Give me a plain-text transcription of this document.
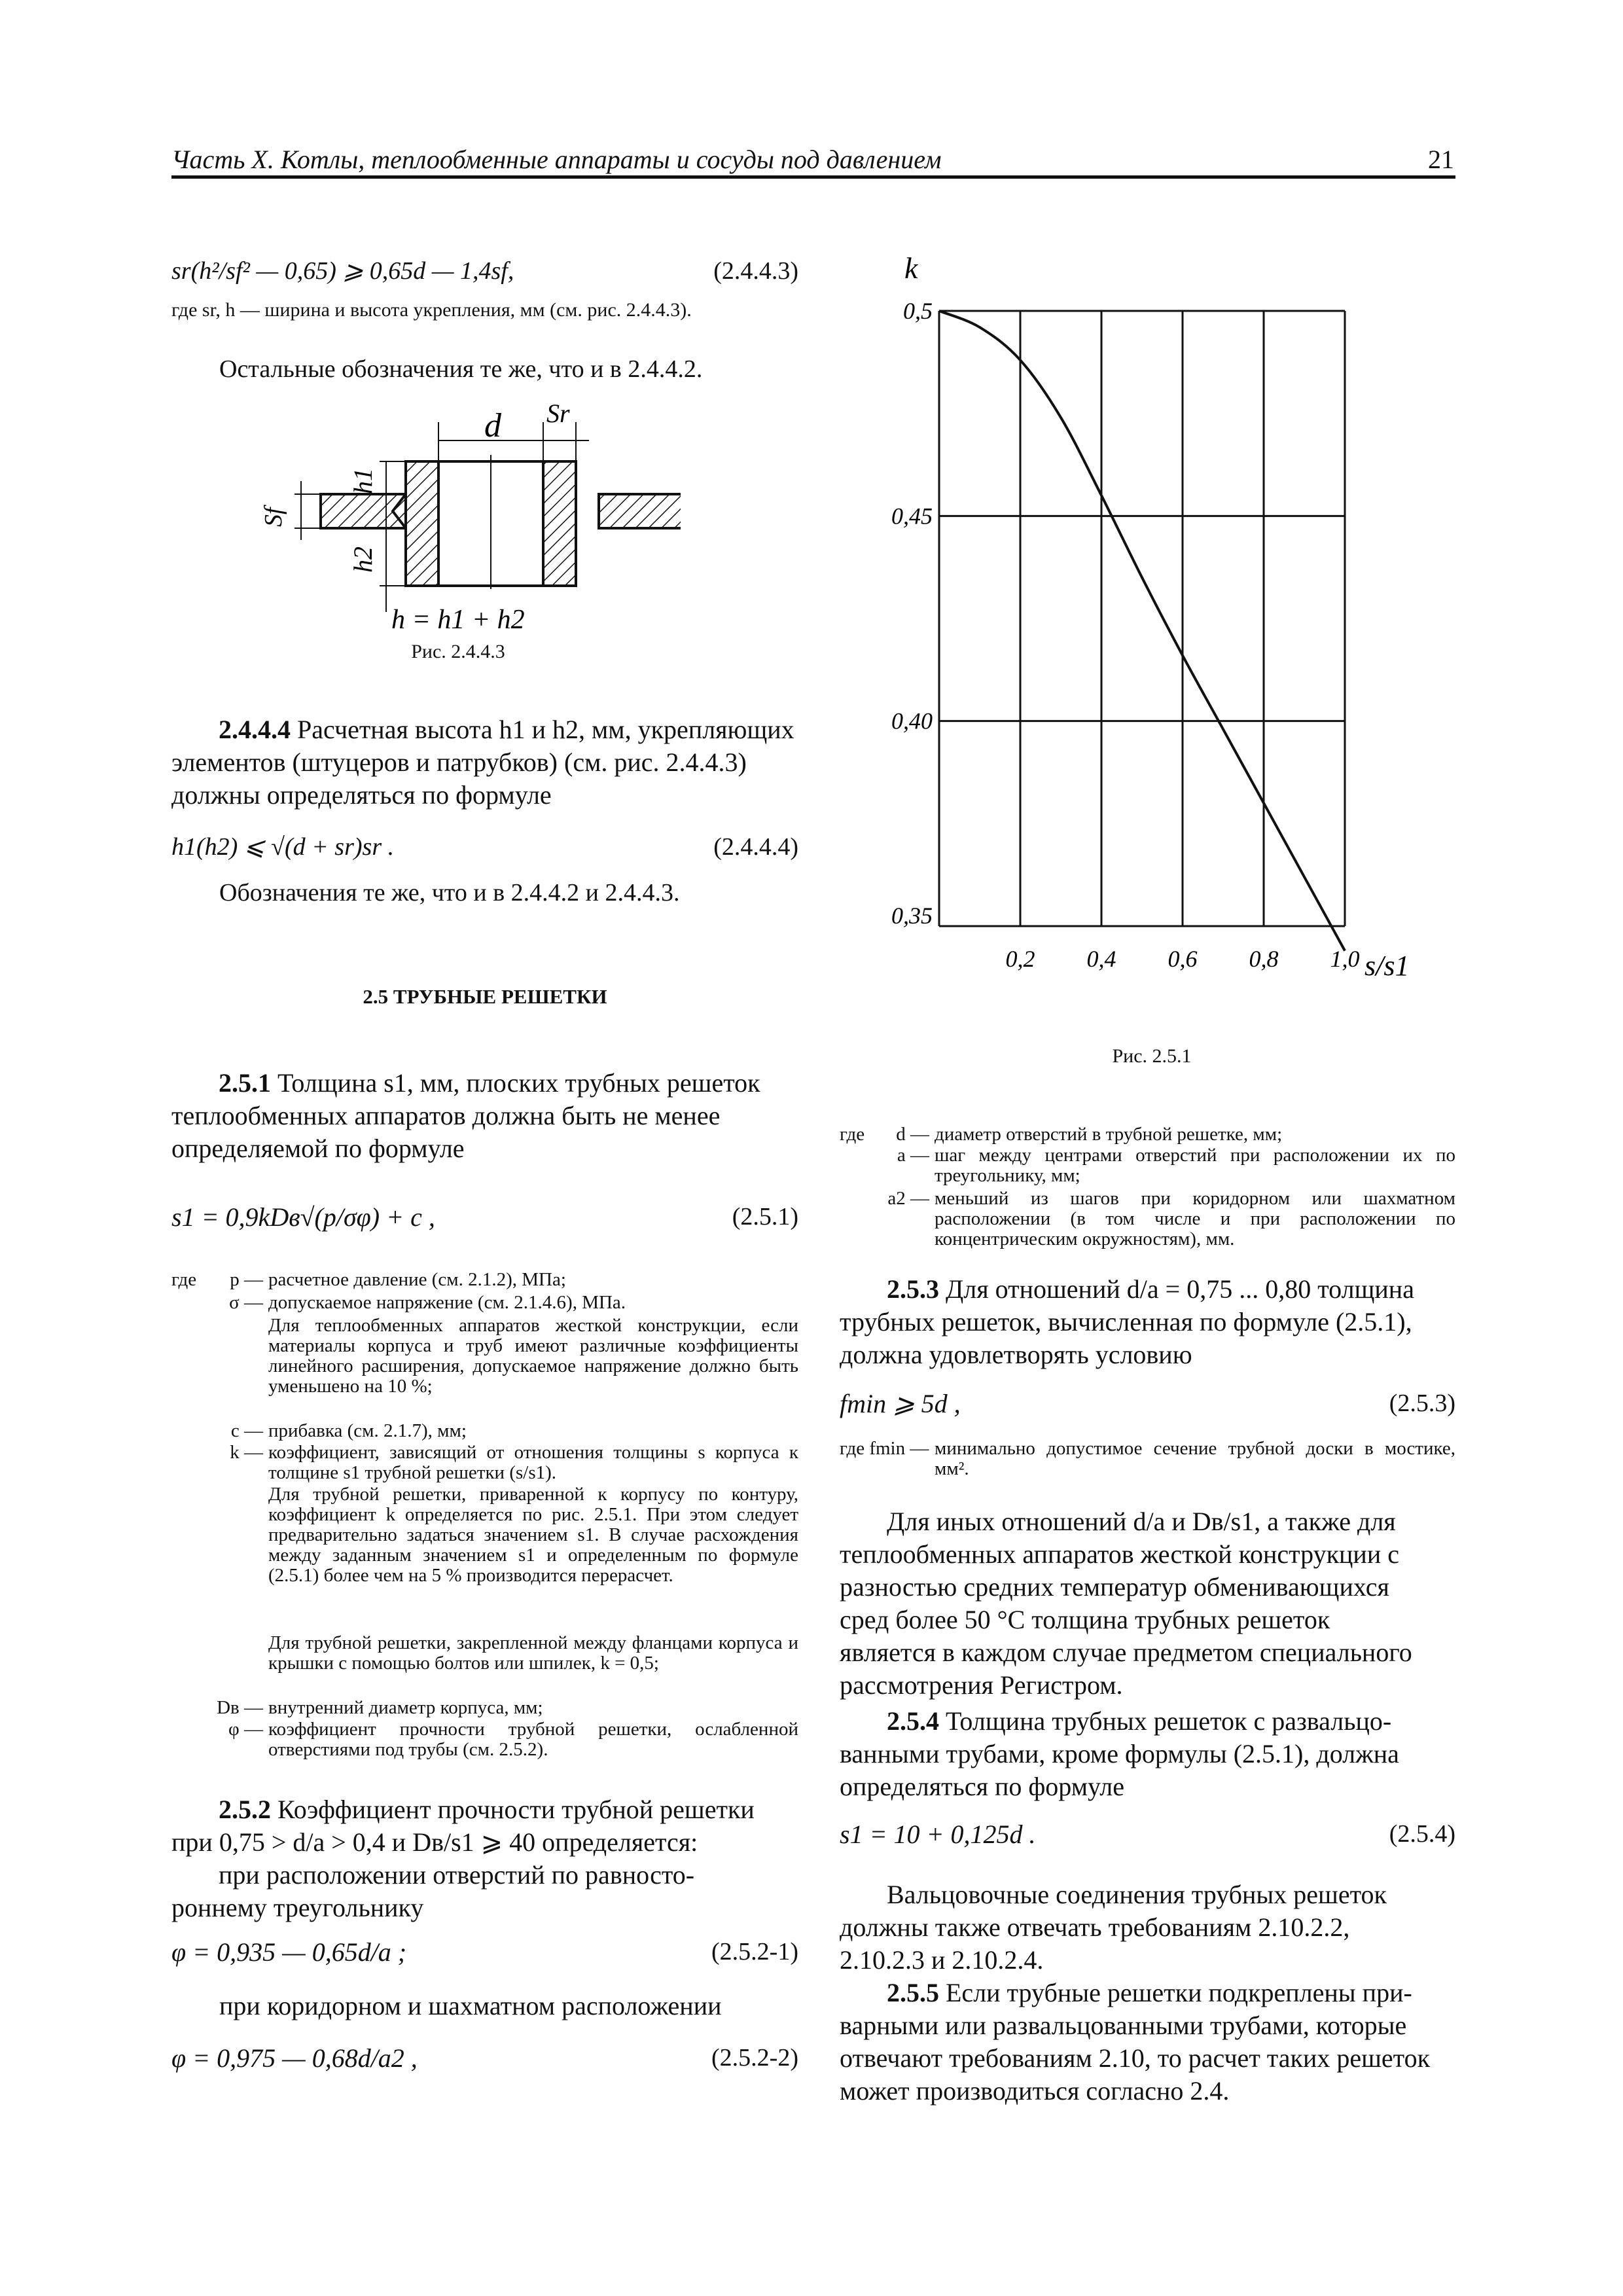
Часть X. Котлы, теплообменные аппараты и сосуды под давлением	21
sr(h²/sf² — 0,65) ⩾ 0,65d — 1,4sf,	(2.4.4.3)
где sr, h — ширина и высота укрепления, мм (см. рис. 2.4.4.3).
Остальные обозначения те же, что и в 2.4.4.2.
d Sr
h1
h2
Sf
h = h1 + h2
Рис. 2.4.4.3
2.4.4.4 Расчетная высота h1 и h2, мм, укрепляющих
элементов (штуцеров и патрубков) (см. рис. 2.4.4.3)
должны определяться по формуле
h1(h2) ⩽ √(d + sr)sr .	(2.4.4.4)
Обозначения те же, что и в 2.4.4.2 и 2.4.4.3.
2.5 ТРУБНЫЕ РЕШЕТКИ
2.5.1 Толщина s1, мм, плоских трубных решеток
теплообменных аппаратов должна быть не менее
определяемой по формуле
s1 = 0,9kDв√(p/σφ) + c ,	(2.5.1)
где	p — расчетное давление (см. 2.1.2), МПа;
σ — допускаемое напряжение (см. 2.1.4.6), МПа.
Для теплообменных аппаратов жесткой конструкции, если материалы корпуса и труб имеют различные коэффициенты линейного расширения, допускаемое напряжение должно быть уменьшено на 10 %;
c — прибавка (см. 2.1.7), мм;
k — коэффициент, зависящий от отношения толщины s корпуса к толщине s1 трубной решетки (s/s1).
Для трубной решетки, приваренной к корпусу по контуру, коэффициент k определяется по рис. 2.5.1. При этом следует предварительно задаться значением s1. В случае расхождения между заданным значением s1 и определенным по формуле (2.5.1) более чем на 5 % производится перерасчет.
Для трубной решетки, закрепленной между фланцами корпуса и крышки с помощью болтов или шпилек, k = 0,5;
Dв — внутренний диаметр корпуса, мм;
φ — коэффициент прочности трубной решетки, ослабленной отверстиями под трубы (см. 2.5.2).
2.5.2 Коэффициент прочности трубной решетки
при 0,75 > d/a > 0,4 и Dв/s1 ⩾ 40 определяется:
при расположении отверстий по равносто-
роннему треугольнику
φ = 0,935 — 0,65d/a ;	(2.5.2-1)
при коридорном и шахматном расположении
φ = 0,975 — 0,68d/a2 ,	(2.5.2-2)
0,2 0,4 0,6 0,8 1,0
0,35
0,40
0,45
0,5
k
s/s1
Рис. 2.5.1
где	d — диаметр отверстий в трубной решетке, мм;
a — шаг между центрами отверстий при расположении их по треугольнику, мм;
a2 — меньший из шагов при коридорном или шахматном расположении (в том числе и при расположении по концентрическим окружностям), мм.
2.5.3 Для отношений d/a = 0,75 ... 0,80 толщина
трубных решеток, вычисленная по формуле (2.5.1),
должна удовлетворять условию
fmin ⩾ 5d ,	(2.5.3)
где fmin — минимально допустимое сечение трубной доски в мостике, мм².
Для иных отношений d/a и Dв/s1, а также для
теплообменных аппаратов жесткой конструкции с
разностью средних температур обменивающихся
сред более 50 °С толщина трубных решеток
является в каждом случае предметом специального
рассмотрения Регистром.
2.5.4 Толщина трубных решеток с развальцо-
ванными трубами, кроме формулы (2.5.1), должна
определяться по формуле
s1 = 10 + 0,125d .	(2.5.4)
Вальцовочные соединения трубных решеток
должны также отвечать требованиям 2.10.2.2,
2.10.2.3 и 2.10.2.4.
2.5.5 Если трубные решетки подкреплены при-
варными или развальцованными трубами, которые
отвечают требованиям 2.10, то расчет таких решеток
может производиться согласно 2.4.
